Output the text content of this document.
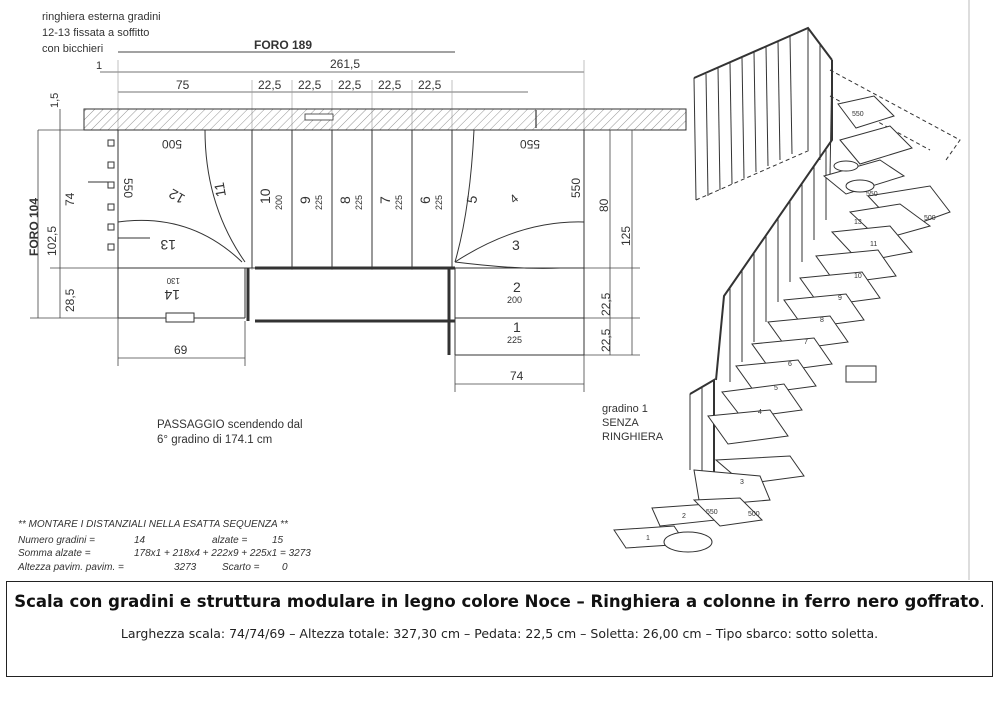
ringhiera esterna gradini
12-13 fissata a soffitto
con bicchieri	FORO 189
261,5
1
75	22,5 22,5 22,5 22,5 22,5
FORO 104
1,5
74
102,5
28,5
80
125
22,5
22,5
500	550
550	550
14
130
13
12 11 10 200 9 225 8 225 7 225 6 225 5 4
3
2
200
1
225
69
74
PASSAGGIO scendendo dal
6° gradino di 174.1 cm
gradino 1
SENZA
RINGHIERA
** MONTARE I DISTANZIALI NELLA ESATTA SEQUENZA **
Numero gradini =	14	alzate = 15
Somma alzate =	178x1 + 218x4 + 222x9 + 225x1 = 3273
Altezza pavim. pavim. =	3273	Scarto = 0
550
500
550
13
11
10
9
8
7
6
5
4
3
2
1
550	500
Scala con gradini e struttura modulare in legno colore Noce – Ringhiera a colonne in ferro nero goffrato.
Larghezza scala: 74/74/69 – Altezza totale: 327,30 cm – Pedata: 22,5 cm – Soletta: 26,00 cm – Tipo sbarco: sotto soletta.
